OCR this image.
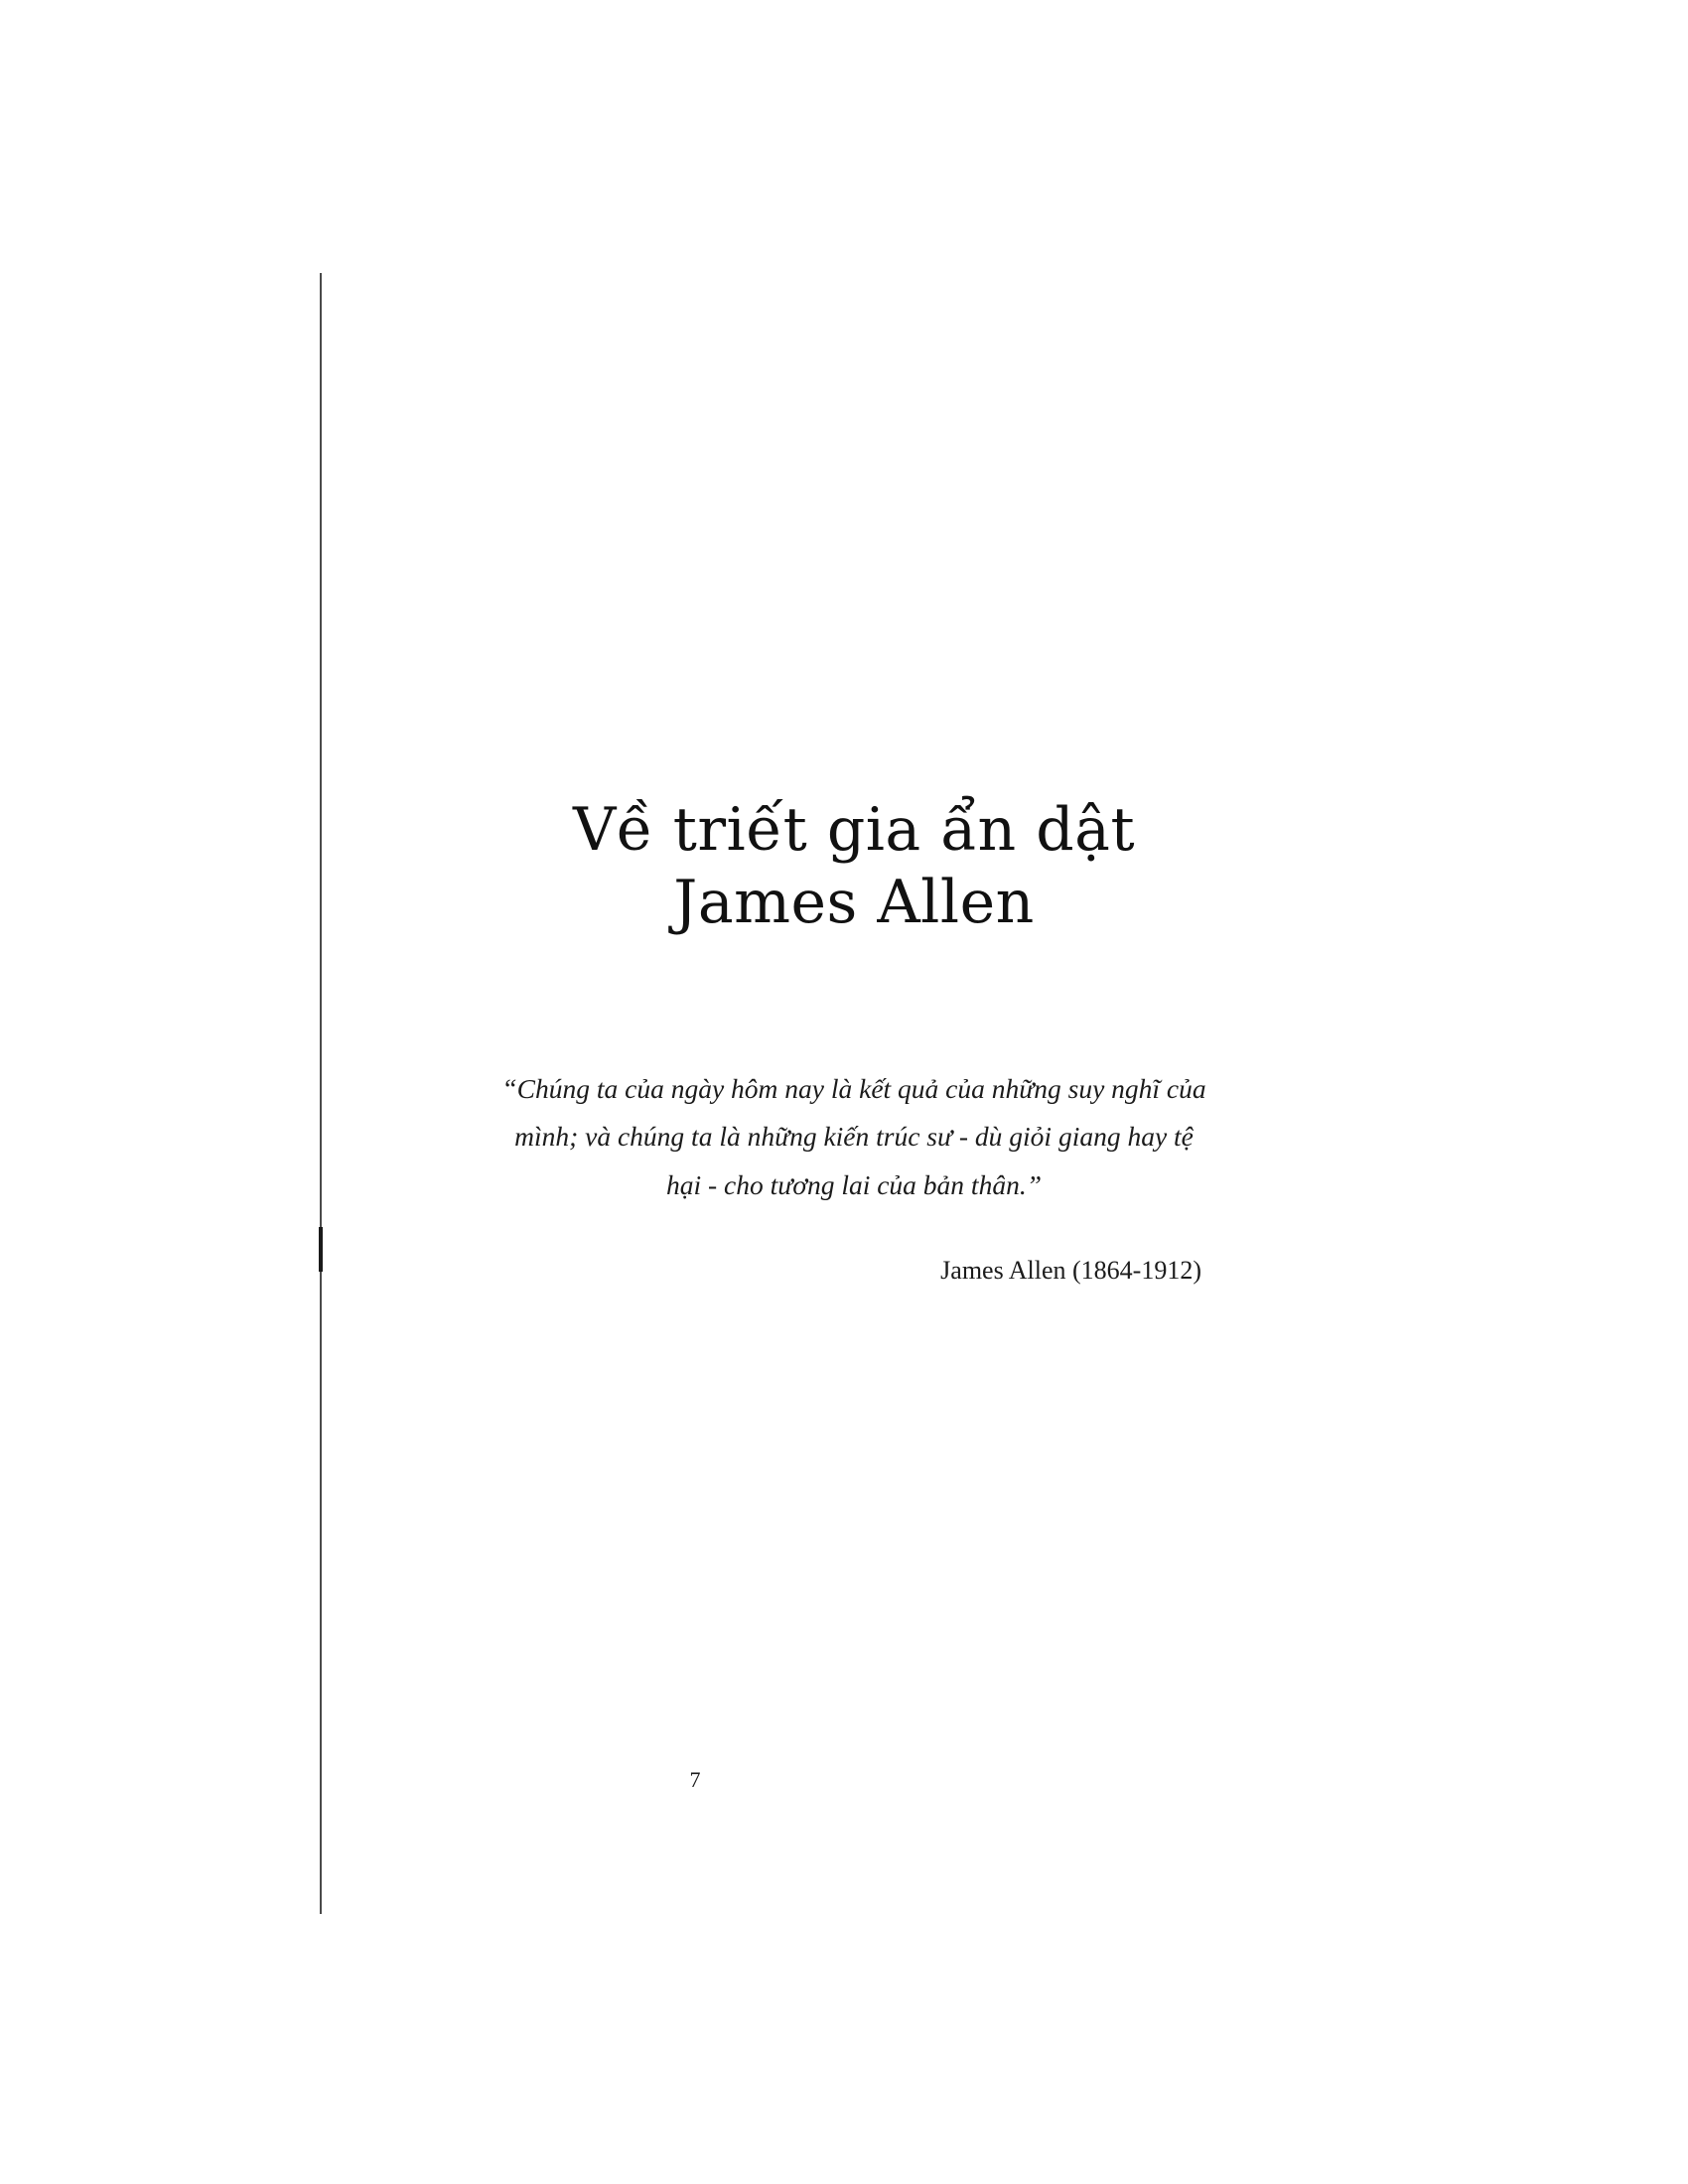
Về triết gia ẩn dật
James Allen

“Chúng ta của ngày hôm nay là kết quả của những suy nghĩ của mình; và chúng ta là những kiến trúc sư - dù giỏi giang hay tệ hại - cho tương lai của bản thân.”

James Allen (1864-1912)

7
